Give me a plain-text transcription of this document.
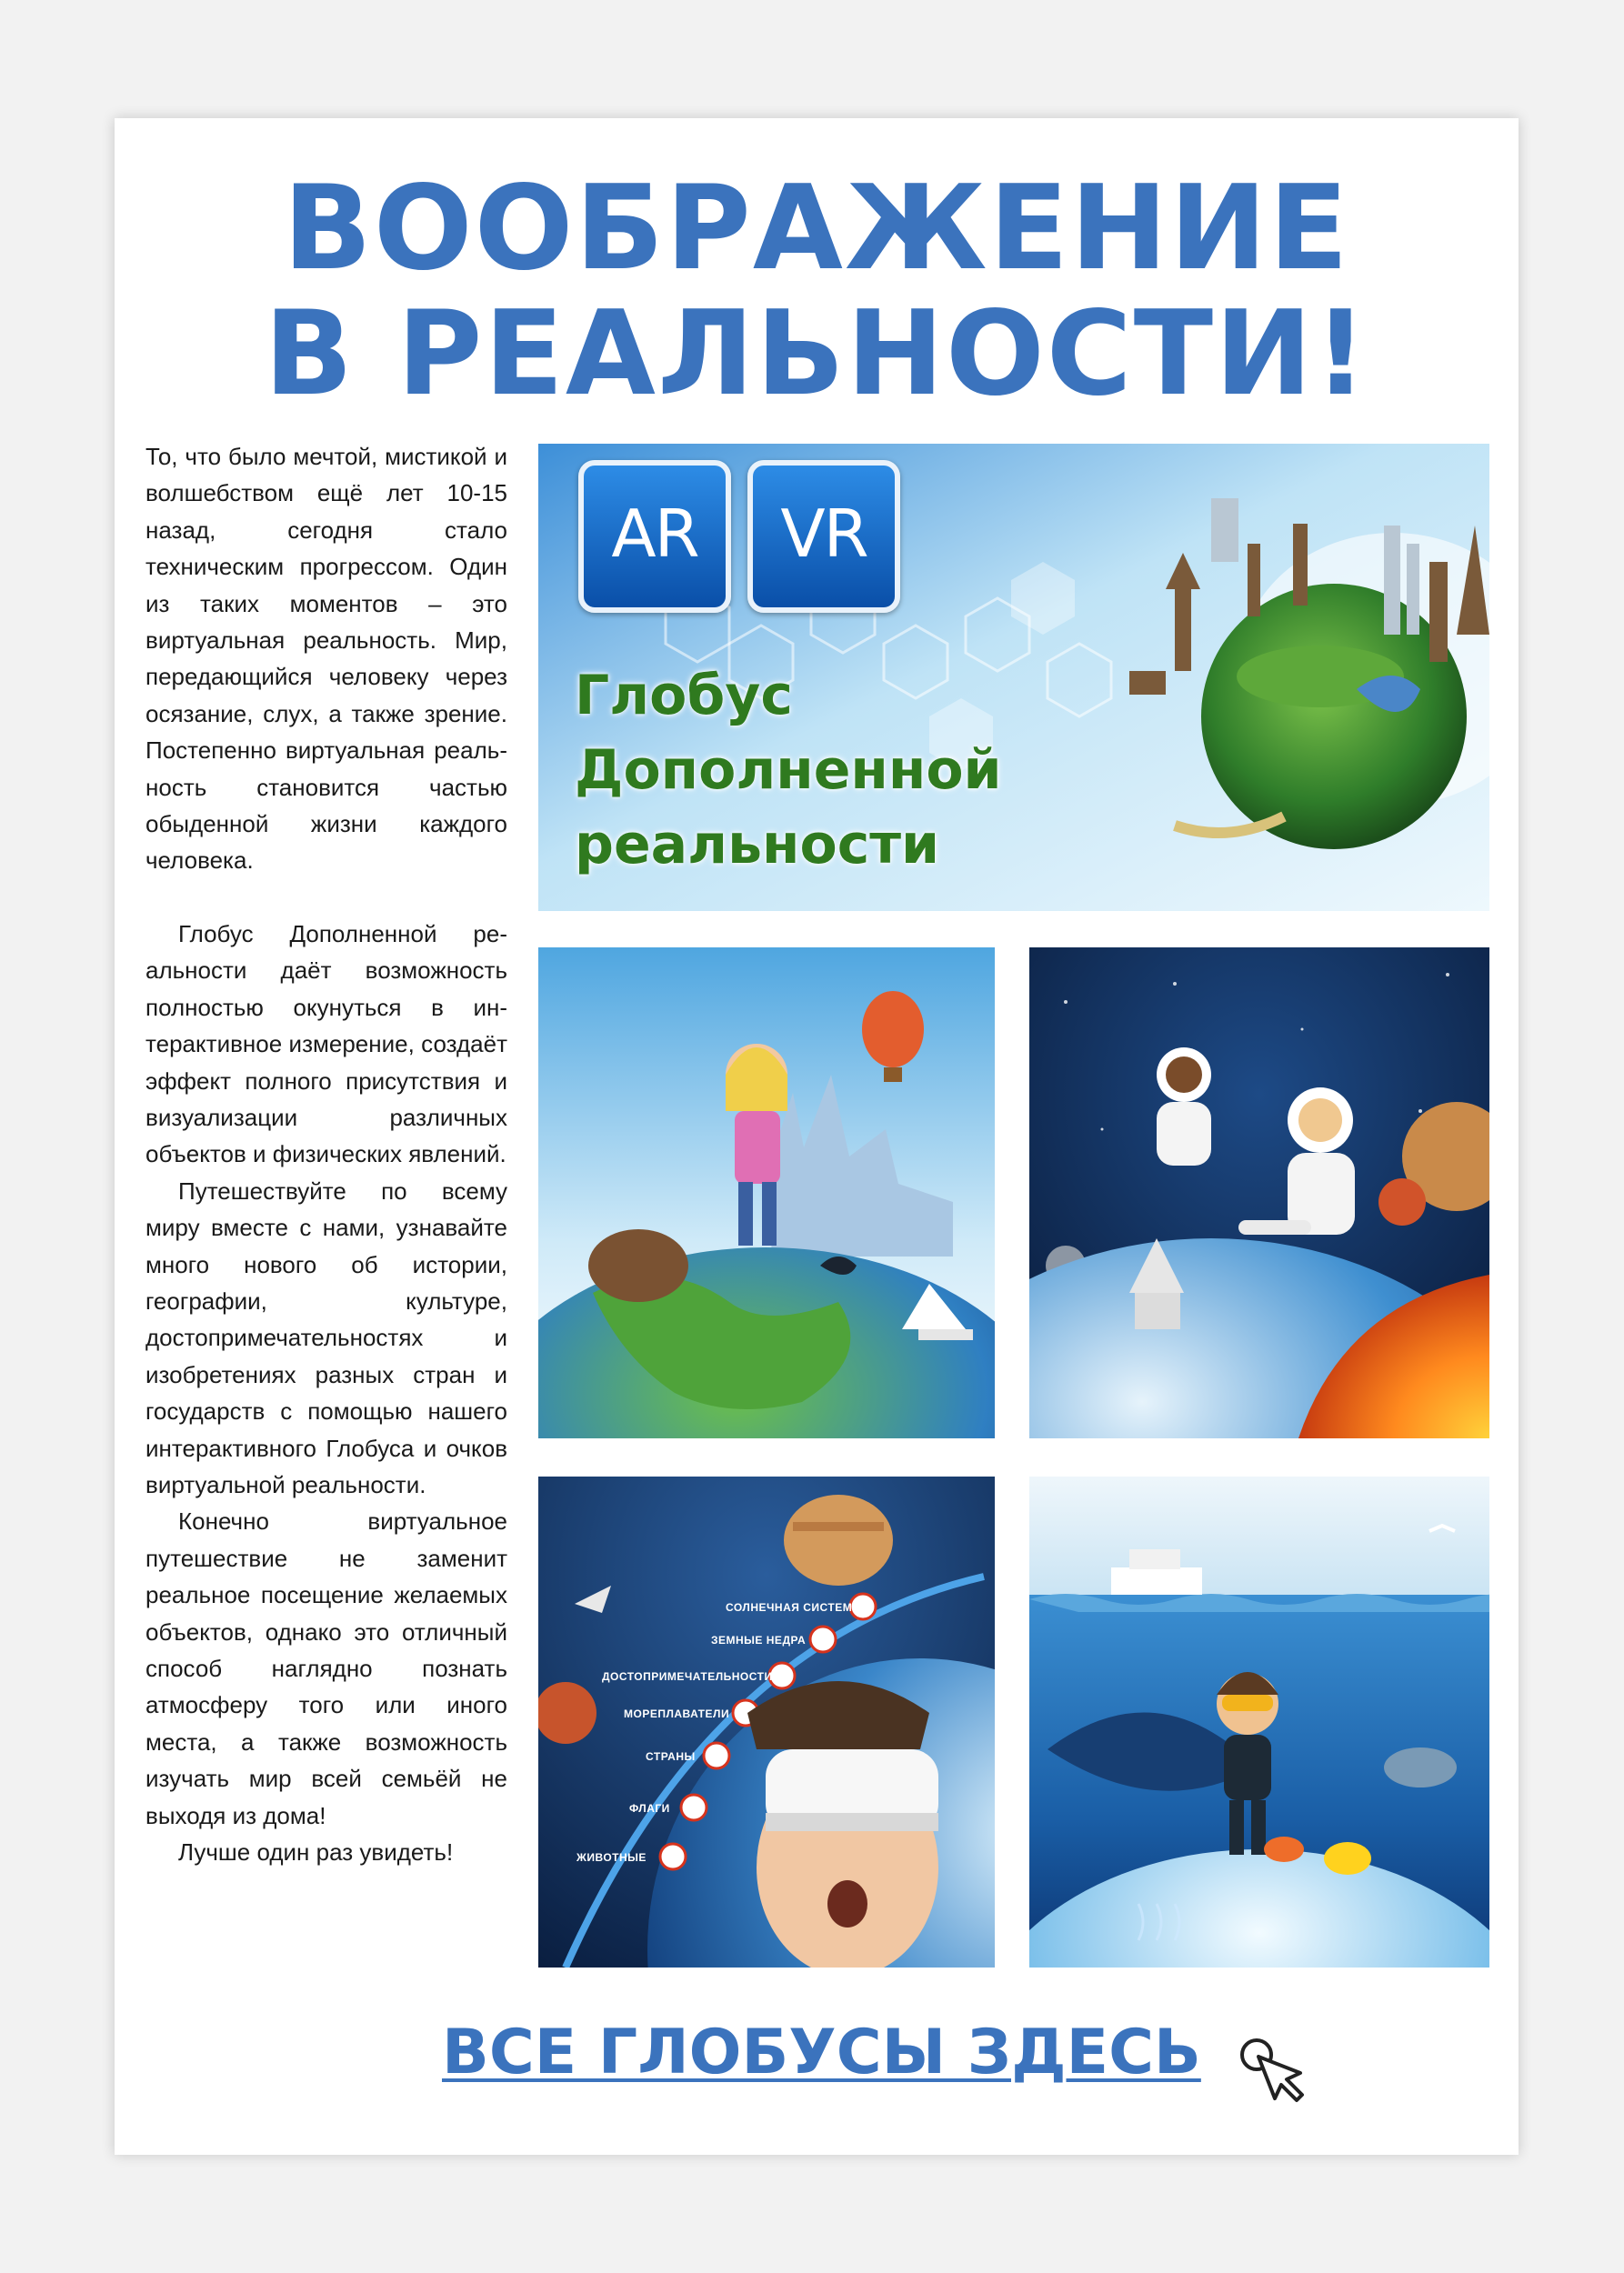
ВООБРАЖЕНИЕ
В РЕАЛЬНОСТИ!

То, что было мечтой, мистикой и волшебством ещё лет 10-15 назад, сегодня стало техническим прогрессом. Один из таких моментов – это виртуальная реальность. Мир, передающийся человеку через осязание, слух, а также зрение. Постепенно виртуальная реальность становится частью обыденной жизни каждого человека.

Глобус Дополненной реальности даёт возможность полностью окунуться в интерактивное измерение, создаёт эффект полного присутствия и визуализации различных объектов и физических явлений.

Путешествуйте по всему миру вместе с нами, узнавайте много нового об истории, географии, культуре, достопримечательностях и изобретениях разных стран и государств с помощью нашего интерактивного Глобуса и очков виртуальной реальности.

Конечно виртуальное путешествие не заменит реальное посещение желаемых объектов, однако это отличный способ наглядно познать атмосферу того или иного места, а также возможность изучать мир всей семьёй не выходя из дома!

Лучше один раз увидеть!

AR	VR
Глобус
Дополненной
реальности
СОЛНЕЧНАЯ СИСТЕМА
ЗЕМНЫЕ НЕДРА
ДОСТОПРИМЕЧАТЕЛЬНОСТИ
МОРЕПЛАВАТЕЛИ
СТРАНЫ
ФЛАГИ
ЖИВОТНЫЕ
ВСЕ ГЛОБУСЫ ЗДЕСЬ
